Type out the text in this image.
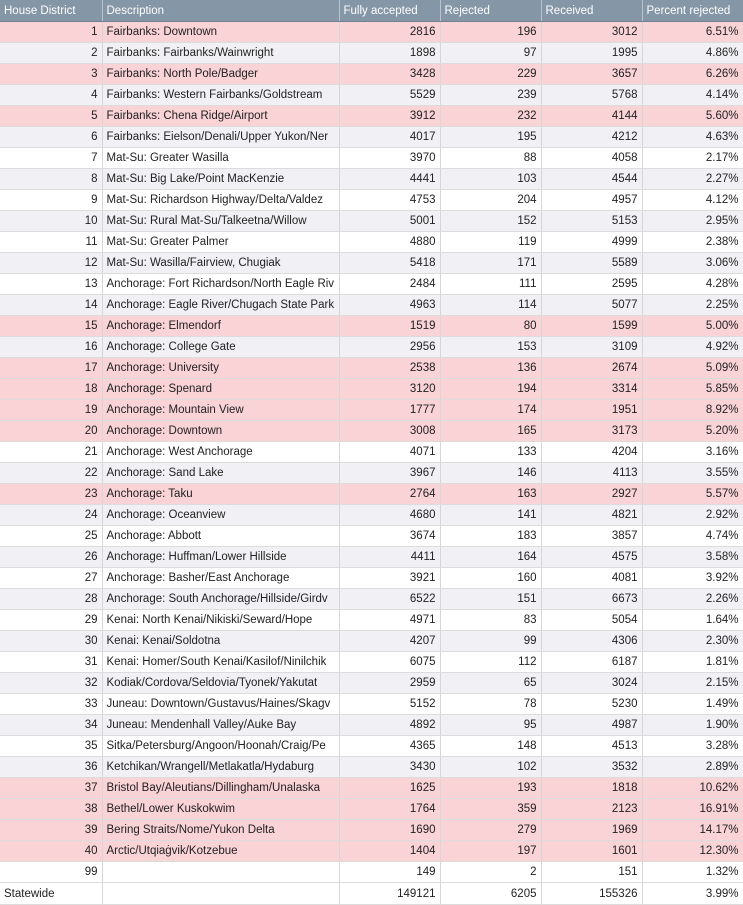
House District	Description	Fully accepted	Rejected	Received	Percent rejected
1	Fairbanks: Downtown	2816	196	3012	6.51%
2	Fairbanks: Fairbanks/Wainwright	1898	97	1995	4.86%
3	Fairbanks: North Pole/Badger	3428	229	3657	6.26%
4	Fairbanks: Western Fairbanks/Goldstream	5529	239	5768	4.14%
5	Fairbanks: Chena Ridge/Airport	3912	232	4144	5.60%
6	Fairbanks: Eielson/Denali/Upper Yukon/Ner	4017	195	4212	4.63%
7	Mat-Su: Greater Wasilla	3970	88	4058	2.17%
8	Mat-Su: Big Lake/Point MacKenzie	4441	103	4544	2.27%
9	Mat-Su: Richardson Highway/Delta/Valdez	4753	204	4957	4.12%
10	Mat-Su: Rural Mat-Su/Talkeetna/Willow	5001	152	5153	2.95%
11	Mat-Su: Greater Palmer	4880	119	4999	2.38%
12	Mat-Su: Wasilla/Fairview, Chugiak	5418	171	5589	3.06%
13	Anchorage: Fort Richardson/North Eagle Riv	2484	111	2595	4.28%
14	Anchorage: Eagle River/Chugach State Park	4963	114	5077	2.25%
15	Anchorage: Elmendorf	1519	80	1599	5.00%
16	Anchorage: College Gate	2956	153	3109	4.92%
17	Anchorage: University	2538	136	2674	5.09%
18	Anchorage: Spenard	3120	194	3314	5.85%
19	Anchorage: Mountain View	1777	174	1951	8.92%
20	Anchorage: Downtown	3008	165	3173	5.20%
21	Anchorage: West Anchorage	4071	133	4204	3.16%
22	Anchorage: Sand Lake	3967	146	4113	3.55%
23	Anchorage: Taku	2764	163	2927	5.57%
24	Anchorage: Oceanview	4680	141	4821	2.92%
25	Anchorage: Abbott	3674	183	3857	4.74%
26	Anchorage: Huffman/Lower Hillside	4411	164	4575	3.58%
27	Anchorage: Basher/East Anchorage	3921	160	4081	3.92%
28	Anchorage: South Anchorage/Hillside/Girdv	6522	151	6673	2.26%
29	Kenai: North Kenai/Nikiski/Seward/Hope	4971	83	5054	1.64%
30	Kenai: Kenai/Soldotna	4207	99	4306	2.30%
31	Kenai: Homer/South Kenai/Kasilof/Ninilchik	6075	112	6187	1.81%
32	Kodiak/Cordova/Seldovia/Tyonek/Yakutat	2959	65	3024	2.15%
33	Juneau: Downtown/Gustavus/Haines/Skagv	5152	78	5230	1.49%
34	Juneau: Mendenhall Valley/Auke Bay	4892	95	4987	1.90%
35	Sitka/Petersburg/Angoon/Hoonah/Craig/Pe	4365	148	4513	3.28%
36	Ketchikan/Wrangell/Metlakatla/Hydaburg	3430	102	3532	2.89%
37	Bristol Bay/Aleutians/Dillingham/Unalaska	1625	193	1818	10.62%
38	Bethel/Lower Kuskokwim	1764	359	2123	16.91%
39	Bering Straits/Nome/Yukon Delta	1690	279	1969	14.17%
40	Arctic/Utqiaġvik/Kotzebue	1404	197	1601	12.30%
99		149	2	151	1.32%
Statewide		149121	6205	155326	3.99%
